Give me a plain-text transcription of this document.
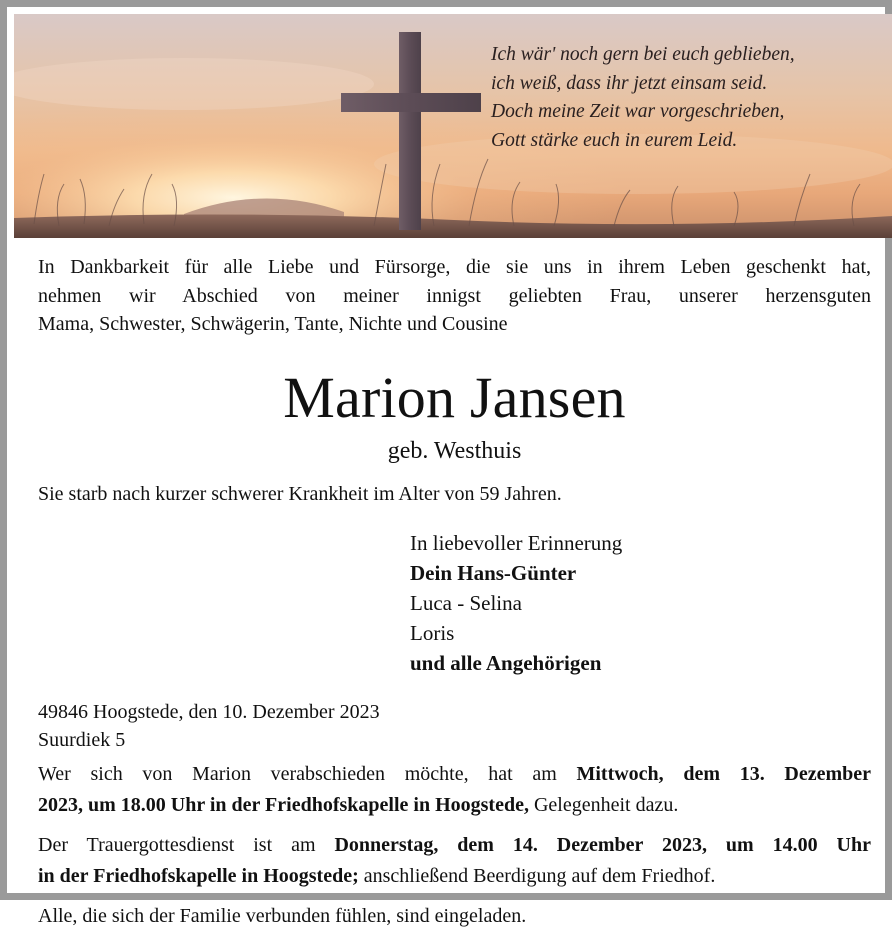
Ich wär' noch gern bei euch geblieben,
ich weiß, dass ihr jetzt einsam seid.
Doch meine Zeit war vorgeschrieben,
Gott stärke euch in eurem Leid.
In Dankbarkeit für alle Liebe und Fürsorge, die sie uns in ihrem Leben geschenkt hat,
nehmen wir Abschied von meiner innigst geliebten Frau, unserer herzensguten
Mama, Schwester, Schwägerin, Tante, Nichte und Cousine
Marion Jansen
geb. Westhuis
Sie starb nach kurzer schwerer Krankheit im Alter von 59 Jahren.
In liebevoller Erinnerung
Dein Hans-Günter
Luca - Selina
Loris
und alle Angehörigen
49846 Hoogstede, den 10. Dezember 2023
Suurdiek 5
Wer sich von Marion verabschieden möchte, hat am Mittwoch, dem 13. Dezember
2023, um 18.00 Uhr in der Friedhofskapelle in Hoogstede, Gelegenheit dazu.
Der Trauergottesdienst ist am Donnerstag, dem 14. Dezember 2023, um 14.00 Uhr
in der Friedhofskapelle in Hoogstede; anschließend Beerdigung auf dem Friedhof.
Alle, die sich der Familie verbunden fühlen, sind eingeladen.
